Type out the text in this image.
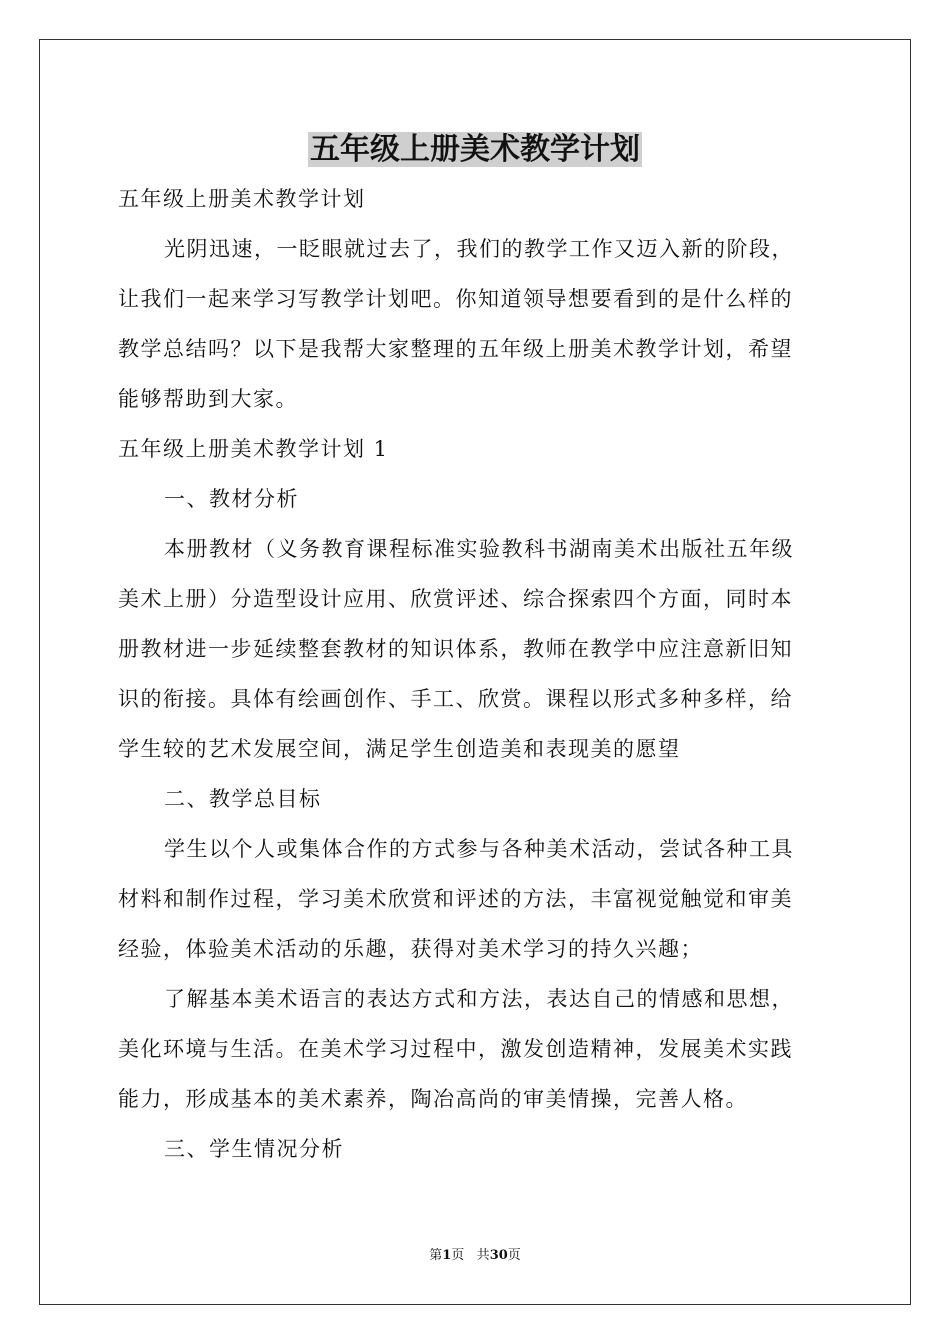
五年级上册美术教学计划

五年级上册美术教学计划

光阴迅速，一眨眼就过去了，我们的教学工作又迈入新的阶段，

让我们一起来学习写教学计划吧。你知道领导想要看到的是什么样的

教学总结吗？以下是我帮大家整理的五年级上册美术教学计划，希望

能够帮助到大家。

五年级上册美术教学计划 1

一、教材分析

本册教材（义务教育课程标准实验教科书湖南美术出版社五年级

美术上册）分造型设计应用、欣赏评述、综合探索四个方面，同时本

册教材进一步延续整套教材的知识体系，教师在教学中应注意新旧知

识的衔接。具体有绘画创作、手工、欣赏。课程以形式多种多样，给

学生较的艺术发展空间，满足学生创造美和表现美的愿望

二、教学总目标

学生以个人或集体合作的方式参与各种美术活动，尝试各种工具

材料和制作过程，学习美术欣赏和评述的方法，丰富视觉触觉和审美

经验，体验美术活动的乐趣，获得对美术学习的持久兴趣；

了解基本美术语言的表达方式和方法，表达自己的情感和思想，

美化环境与生活。在美术学习过程中，激发创造精神，发展美术实践

能力，形成基本的美术素养，陶冶高尚的审美情操，完善人格。

三、学生情况分析

第1页 共30页
